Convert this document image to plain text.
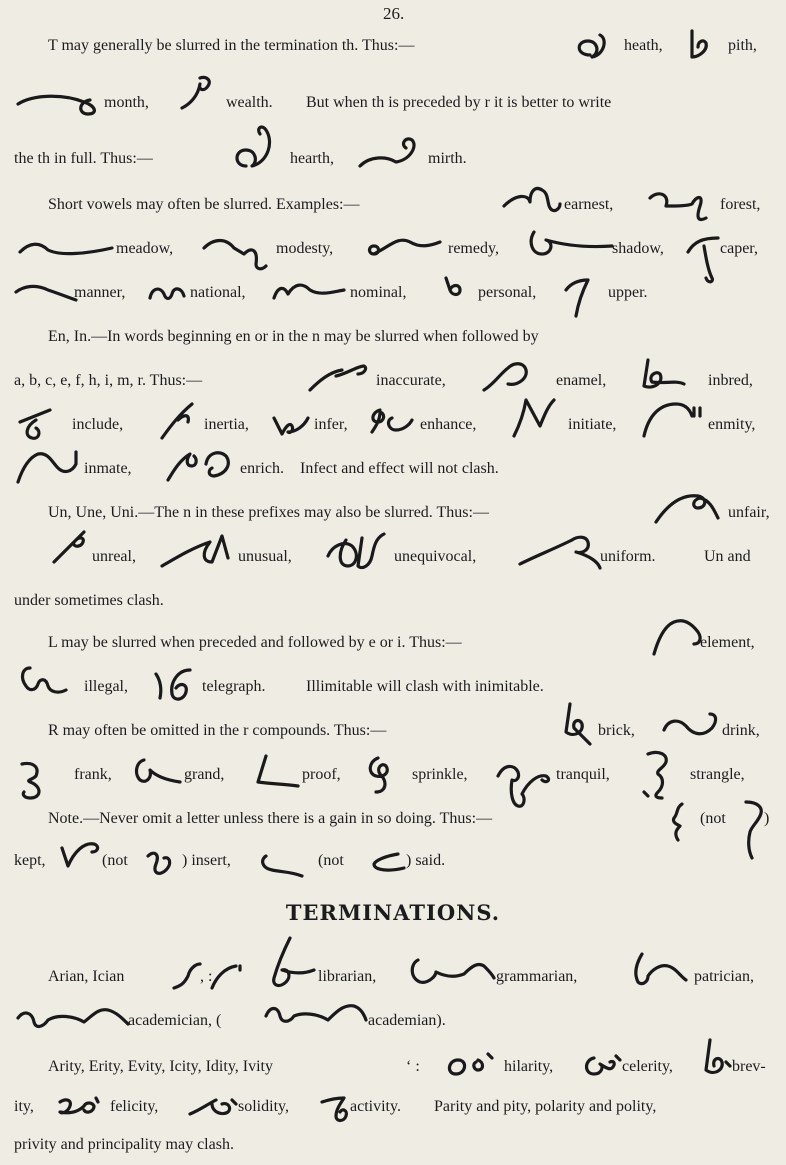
26.
T may generally be slurred in the termination th. Thus:—	heath,	pith,
month,	wealth. But when th is preceded by r it is better to write
the th in full. Thus:—	hearth,	mirth.
Short vowels may often be slurred. Examples:—	earnest,	forest,
meadow,	modesty,	remedy,	shadow,	caper,
manner,	national,	nominal,	personal,	upper.
En, In.—In words beginning en or in the n may be slurred when followed by
a, b, c, e, f, h, i, m, r. Thus:—	inaccurate,	enamel,	inbred,
include,	inertia,	infer,	enhance,	initiate,	enmity,
inmate,	enrich. Infect and effect will not clash.
Un, Une, Uni.—The n in these prefixes may also be slurred. Thus:—	unfair,
unreal,	unusual,	unequivocal,	uniform.	Un and
under sometimes clash.
L may be slurred when preceded and followed by e or i. Thus:—	element,
illegal,	telegraph.	Illimitable will clash with inimitable.
R may often be omitted in the r compounds. Thus:—	brick,	drink,
frank,	grand,	proof,	sprinkle,	tranquil,	strangle,
Note.—Never omit a letter unless there is a gain in so doing. Thus:—	(not )
kept,	(not	) insert,	(not	) said.
TERMINATIONS.
Arian, Ician	, :	librarian,	grammarian,	patrician,
academician, (	academian).
Arity, Erity, Evity, Icity, Idity, Ivity	‘ :	hilarity,	celerity,	brev-
ity,	felicity,	solidity,	activity. Parity and pity, polarity and polity,
privity and principality may clash.
